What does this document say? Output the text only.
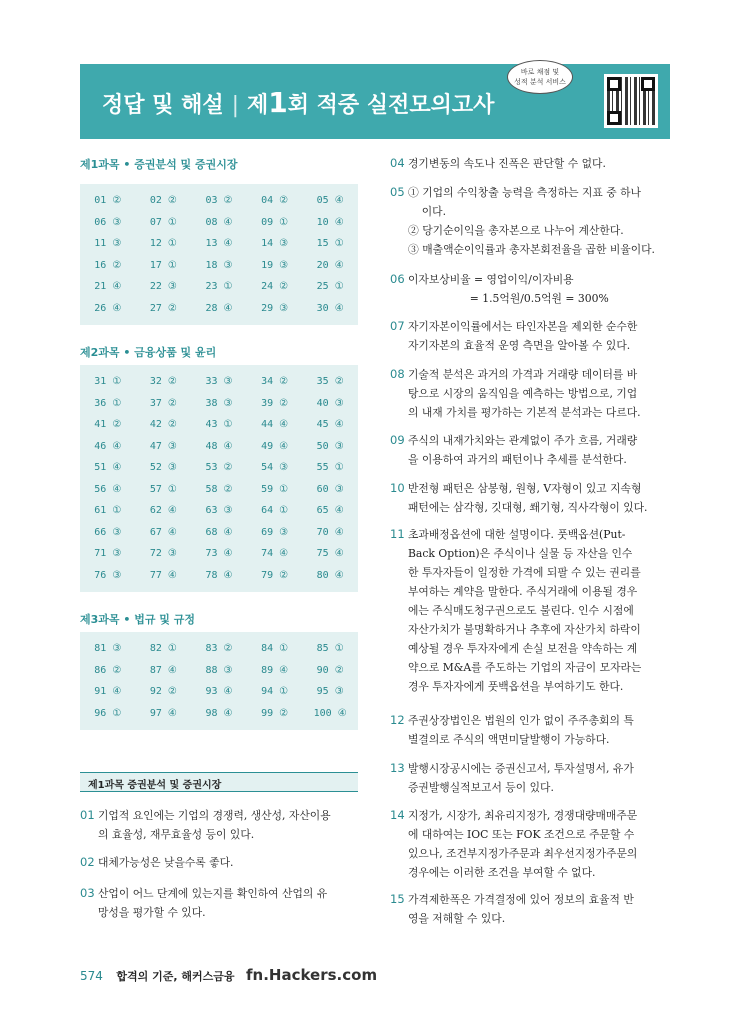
정답 및 해설 | 제1회 적중 실전모의고사
바로 채점 및
성적 분석 서비스
제1과목 • 증권분석 및 증권시장
01 ②	02 ②	03 ②	04 ②	05 ④
06 ③	07 ①	08 ④	09 ①	10 ④
11 ③	12 ①	13 ④	14 ③	15 ①
16 ②	17 ①	18 ③	19 ③	20 ④
21 ④	22 ③	23 ①	24 ②	25 ①
26 ④	27 ②	28 ④	29 ③	30 ④
제2과목 • 금융상품 및 윤리
31 ①	32 ②	33 ③	34 ②	35 ②
36 ①	37 ②	38 ③	39 ②	40 ③
41 ②	42 ②	43 ①	44 ④	45 ④
46 ④	47 ③	48 ④	49 ④	50 ③
51 ④	52 ③	53 ②	54 ③	55 ①
56 ④	57 ①	58 ②	59 ①	60 ③
61 ①	62 ④	63 ③	64 ①	65 ④
66 ③	67 ④	68 ④	69 ③	70 ④
71 ③	72 ③	73 ④	74 ④	75 ④
76 ③	77 ④	78 ④	79 ②	80 ④
제3과목 • 법규 및 규정
81 ③	82 ①	83 ②	84 ①	85 ①
86 ②	87 ④	88 ③	89 ④	90 ②
91 ④	92 ②	93 ④	94 ①	95 ③
96 ①	97 ④	98 ④	99 ②	100 ④
제1과목 증권분석 및 증권시장
01 기업적 요인에는 기업의 경쟁력, 생산성, 자산이용
의 효율성, 재무효율성 등이 있다.
02 대체가능성은 낮을수록 좋다.
03 산업이 어느 단계에 있는지를 확인하여 산업의 유
망성을 평가할 수 있다.
04 경기변동의 속도나 진폭은 판단할 수 없다.
05 ① 기업의 수익창출 능력을 측정하는 지표 중 하나
이다.
② 당기순이익을 총자본으로 나누어 계산한다.
③ 매출액순이익률과 총자본회전율을 곱한 비율이다.
06 이자보상비율 = 영업이익/이자비용
= 1.5억원/0.5억원 = 300%
07 자기자본이익률에서는 타인자본을 제외한 순수한
자기자본의 효율적 운영 측면을 알아볼 수 있다.
08 기술적 분석은 과거의 가격과 거래량 데이터를 바
탕으로 시장의 움직임을 예측하는 방법으로, 기업
의 내재 가치를 평가하는 기본적 분석과는 다르다.
09 주식의 내재가치와는 관계없이 주가 흐름, 거래량
을 이용하여 과거의 패턴이나 추세를 분석한다.
10 반전형 패턴은 삼봉형, 원형, V자형이 있고 지속형
패턴에는 삼각형, 깃대형, 쐐기형, 직사각형이 있다.
11 초과배정옵션에 대한 설명이다. 풋백옵션(Put-
Back Option)은 주식이나 실물 등 자산을 인수
한 투자자들이 일정한 가격에 되팔 수 있는 권리를
부여하는 계약을 말한다. 주식거래에 이용될 경우
에는 주식매도청구권으로도 불린다. 인수 시점에
자산가치가 불명확하거나 추후에 자산가치 하락이
예상될 경우 투자자에게 손실 보전을 약속하는 계
약으로 M&A를 주도하는 기업의 자금이 모자라는
경우 투자자에게 풋백옵션을 부여하기도 한다.
12 주권상장법인은 법원의 인가 없이 주주총회의 특
별결의로 주식의 액면미달발행이 가능하다.
13 발행시장공시에는 증권신고서, 투자설명서, 유가
증권발행실적보고서 등이 있다.
14 지정가, 시장가, 최유리지정가, 경쟁대량매매주문
에 대하여는 IOC 또는 FOK 조건으로 주문할 수
있으나, 조건부지정가주문과 최우선지정가주문의
경우에는 이러한 조건을 부여할 수 없다.
15 가격제한폭은 가격결정에 있어 정보의 효율적 반
영을 저해할 수 있다.
574 합격의 기준, 해커스금융 fn.Hackers.com
